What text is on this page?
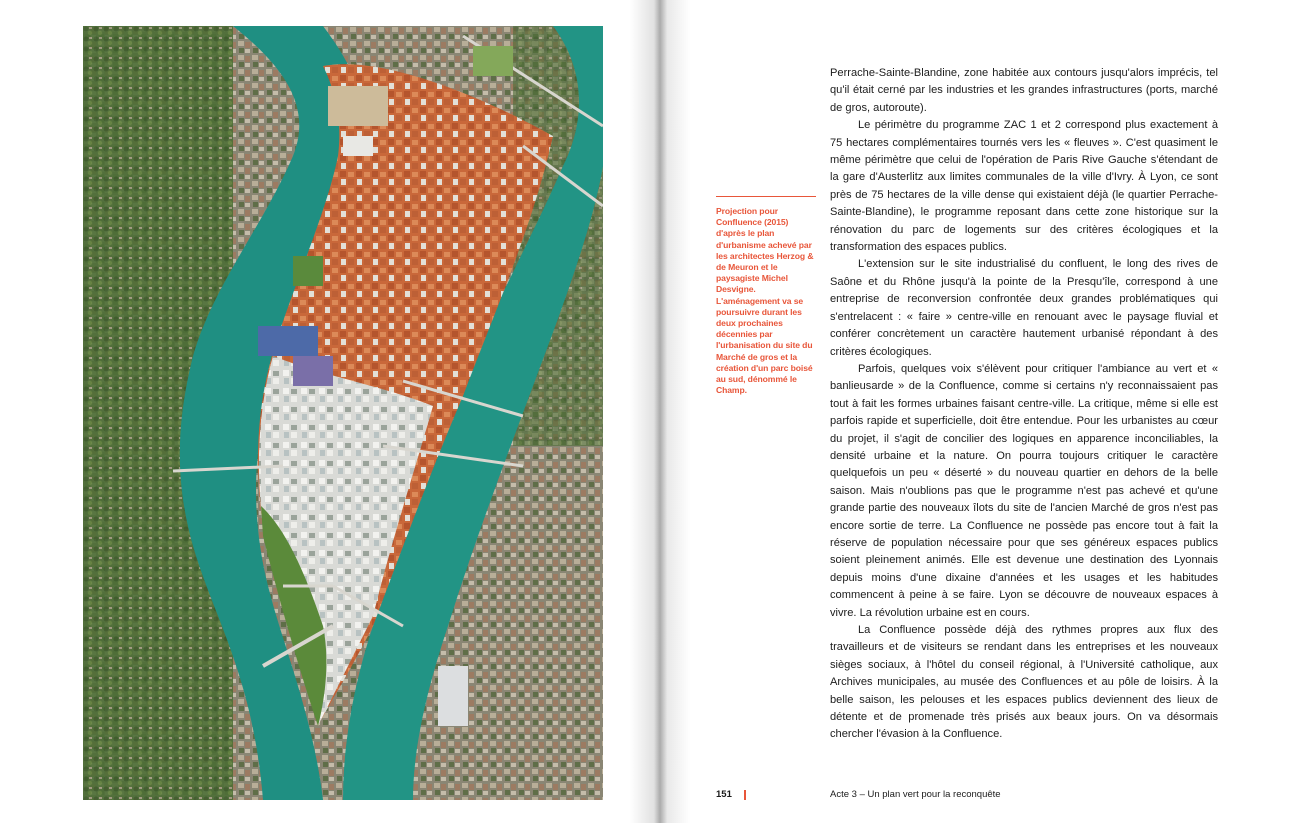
Projection pour Confluence (2015) d'après le plan d'urbanisme achevé par les architectes Herzog & de Meuron et le paysagiste Michel Desvigne. L'aménagement va se poursuivre durant les deux prochaines décennies par l'urbanisation du site du Marché de gros et la création d'un parc boisé au sud, dénommé le Champ.

Perrache-Sainte-Blandine, zone habitée aux contours jusqu'alors imprécis, tel qu'il était cerné par les industries et les grandes infrastructures (ports, marché de gros, autoroute).

Le périmètre du programme ZAC 1 et 2 correspond plus exactement à 75 hectares complémentaires tournés vers les « fleuves ». C'est quasiment le même périmètre que celui de l'opération de Paris Rive Gauche s'étendant de la gare d'Austerlitz aux limites communales de la ville d'Ivry. À Lyon, ce sont près de 75 hectares de la ville dense qui existaient déjà (le quartier Perrache-Sainte-Blandine), le programme reposant dans cette zone historique sur la rénovation du parc de logements sur des critères écologiques et la transformation des espaces publics.

L'extension sur le site industrialisé du confluent, le long des rives de Saône et du Rhône jusqu'à la pointe de la Presqu'île, correspond à une entreprise de reconversion confrontée deux grandes problématiques qui s'entrelacent : « faire » centre-ville en renouant avec le paysage fluvial et conférer concrètement un caractère hautement urbanisé répondant à des critères écologiques.

Parfois, quelques voix s'élèvent pour critiquer l'ambiance au vert et « banlieusarde » de la Confluence, comme si certains n'y reconnaissaient pas tout à fait les formes urbaines faisant centre-ville. La critique, même si elle est parfois rapide et superficielle, doit être entendue. Pour les urbanistes au cœur du projet, il s'agit de concilier des logiques en apparence inconciliables, la densité urbaine et la nature. On pourra toujours critiquer le caractère quelquefois un peu « déserté » du nouveau quartier en dehors de la belle saison. Mais n'oublions pas que le programme n'est pas achevé et qu'une grande partie des nouveaux îlots du site de l'ancien Marché de gros n'est pas encore sortie de terre. La Confluence ne possède pas encore tout à fait la réserve de population nécessaire pour que ses généreux espaces publics soient pleinement animés. Elle est devenue une destination des Lyonnais depuis moins d'une dixaine d'années et les usages et les habitudes commencent à peine à se faire. Lyon se découvre de nouveaux espaces à vivre. La révolution urbaine est en cours.

La Confluence possède déjà des rythmes propres aux flux des travailleurs et de visiteurs se rendant dans les entreprises et les nouveaux sièges sociaux, à l'hôtel du conseil régional, à l'Université catholique, aux Archives municipales, au musée des Confluences et au pôle de loisirs. À la belle saison, les pelouses et les espaces publics deviennent des lieux de détente et de promenade très prisés aux beaux jours. On va désormais chercher l'évasion à la Confluence.

151	Acte 3 – Un plan vert pour la reconquête
